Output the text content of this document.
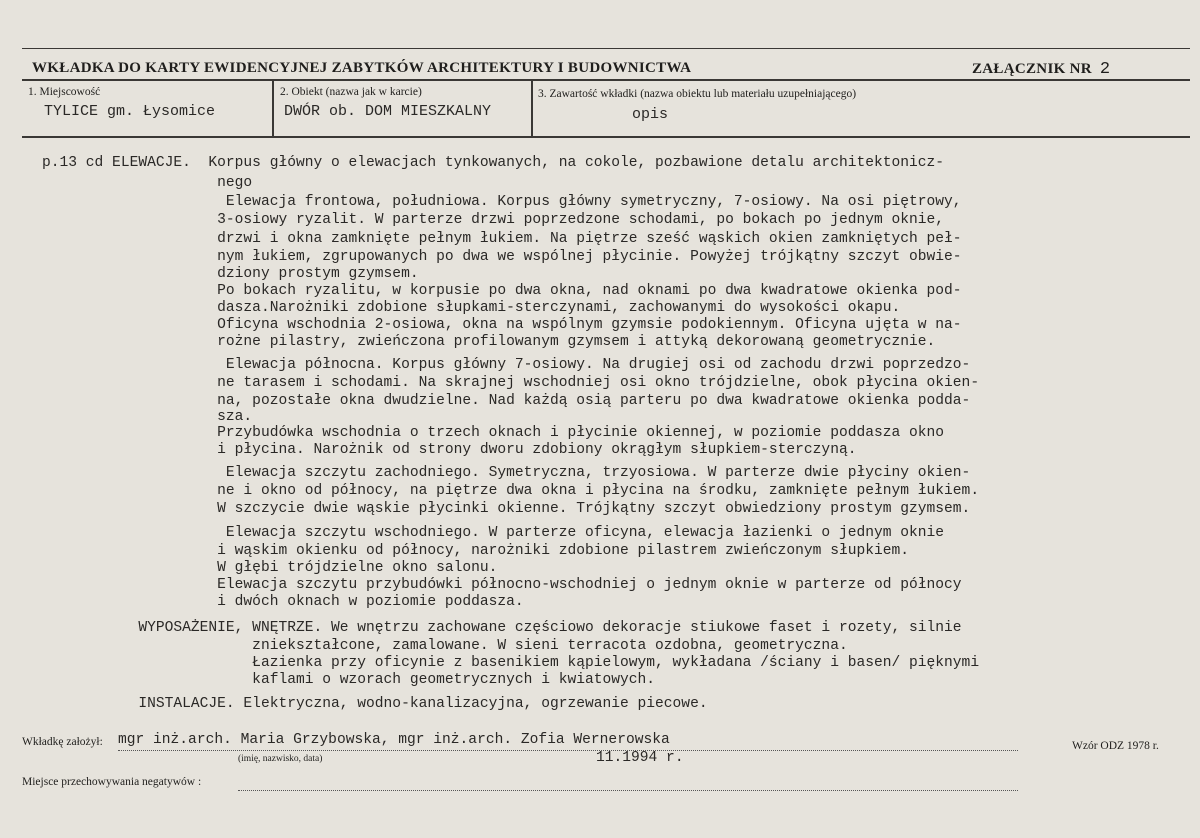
WKŁADKA DO KARTY EWIDENCYJNEJ ZABYTKÓW ARCHITEKTURY I BUDOWNICTWA	ZAŁĄCZNIK NR 2
1. Miejscowość
TYLICE gm. Łysomice
2. Obiekt (nazwa jak w karcie)
DWÓR ob. DOM MIESZKALNY
3. Zawartość wkładki (nazwa obiektu lub materiału uzupełniającego)
opis
p.13 cd ELEWACJE.  Korpus główny o elewacjach tynkowanych, na cokole, pozbawione detalu architektonicz-
nego
Elewacja frontowa, południowa. Korpus główny symetryczny, 7-osiowy. Na osi piętrowy,
3-osiowy ryzalit. W parterze drzwi poprzedzone schodami, po bokach po jednym oknie,
drzwi i okna zamknięte pełnym łukiem. Na piętrze sześć wąskich okien zamkniętych peł-
nym łukiem, zgrupowanych po dwa we wspólnej płycinie. Powyżej trójkątny szczyt obwie-
dziony prostym gzymsem.
Po bokach ryzalitu, w korpusie po dwa okna, nad oknami po dwa kwadratowe okienka pod-
dasza.Narożniki zdobione słupkami-sterczynami, zachowanymi do wysokości okapu.
Oficyna wschodnia 2-osiowa, okna na wspólnym gzymsie podokiennym. Oficyna ujęta w na-
rożne pilastry, zwieńczona profilowanym gzymsem i attyką dekorowaną geometrycznie.
Elewacja północna. Korpus główny 7-osiowy. Na drugiej osi od zachodu drzwi poprzedzo-
ne tarasem i schodami. Na skrajnej wschodniej osi okno trójdzielne, obok płycina okien-
na, pozostałe okna dwudzielne. Nad każdą osią parteru po dwa kwadratowe okienka podda-
sza.
Przybudówka wschodnia o trzech oknach i płycinie okiennej, w poziomie poddasza okno
i płycina. Narożnik od strony dworu zdobiony okrągłym słupkiem-sterczyną.
Elewacja szczytu zachodniego. Symetryczna, trzyosiowa. W parterze dwie płyciny okien-
ne i okno od północy, na piętrze dwa okna i płycina na środku, zamknięte pełnym łukiem.
W szczycie dwie wąskie płycinki okienne. Trójkątny szczyt obwiedziony prostym gzymsem.
Elewacja szczytu wschodniego. W parterze oficyna, elewacja łazienki o jednym oknie
i wąskim okienku od północy, narożniki zdobione pilastrem zwieńczonym słupkiem.
W głębi trójdzielne okno salonu.
Elewacja szczytu przybudówki północno-wschodniej o jednym oknie w parterze od północy
i dwóch oknach w poziomie poddasza.
WYPOSAŻENIE, WNĘTRZE. We wnętrzu zachowane częściowo dekoracje stiukowe faset i rozety, silnie
zniekształcone, zamalowane. W sieni terracota ozdobna, geometryczna.
Łazienka przy oficynie z basenikiem kąpielowym, wykładana /ściany i basen/ pięknymi
kaflami o wzorach geometrycznych i kwiatowych.
INSTALACJE. Elektryczna, wodno-kanalizacyjna, ogrzewanie piecowe.
Wkładkę założył: mgr inż.arch. Maria Grzybowska, mgr inż.arch. Zofia Wernerowska
(imię, nazwisko, data)	11.1994 r.
Wzór ODZ 1978 r.
Miejsce przechowywania negatywów :
